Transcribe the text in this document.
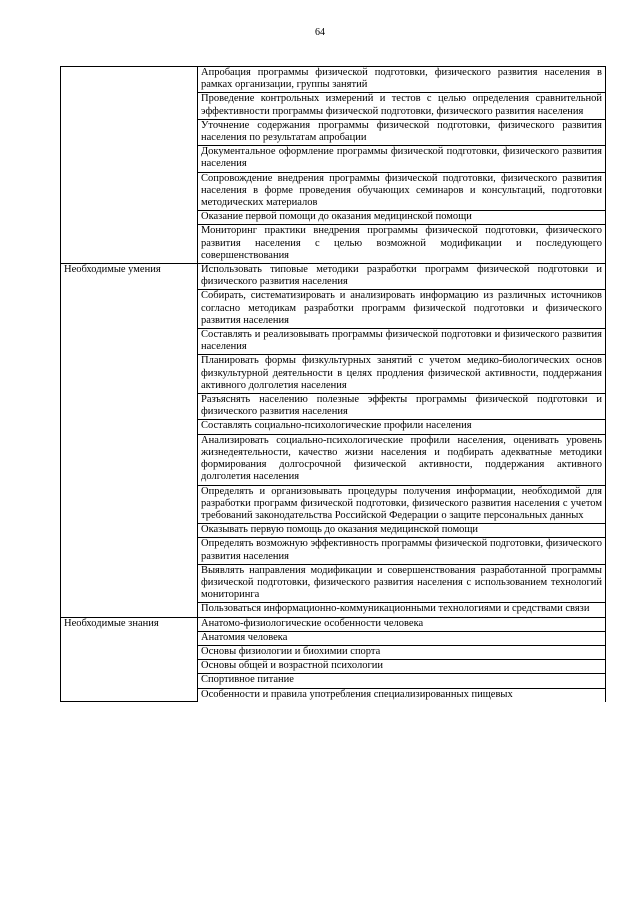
64
	Апробация программы физической подготовки, физического развития населения в рамках организации, группы занятий
	Проведение контрольных измерений и тестов с целью определения сравнительной эффективности программы физической подготовки, физического развития населения
	Уточнение содержания программы физической подготовки, физического развития населения по результатам апробации
	Документальное оформление программы физической подготовки, физического развития населения
	Сопровождение внедрения программы физической подготовки, физического развития населения в форме проведения обучающих семинаров и консультаций, подготовки методических материалов
	Оказание первой помощи до оказания медицинской помощи
	Мониторинг практики внедрения программы физической подготовки, физического развития населения с целью возможной модификации и последующего совершенствования
Необходимые умения	Использовать типовые методики разработки программ физической подготовки и физического развития населения
	Собирать, систематизировать и анализировать информацию из различных источников согласно методикам разработки программ физической подготовки и физического развития населения
	Составлять и реализовывать программы физической подготовки и физического развития населения
	Планировать формы физкультурных занятий с учетом медико-биологических основ физкультурной деятельности в целях продления физической активности, поддержания активного долголетия населения
	Разъяснять населению полезные эффекты программы физической подготовки и физического развития населения
	Составлять социально-психологические профили населения
	Анализировать социально-психологические профили населения, оценивать уровень жизнедеятельности, качество жизни населения и подбирать адекватные методики формирования долгосрочной физической активности, поддержания активного долголетия населения
	Определять и организовывать процедуры получения информации, необходимой для разработки программ физической подготовки, физического развития населения с учетом требований законодательства Российской Федерации о защите персональных данных
	Оказывать первую помощь до оказания медицинской помощи
	Определять возможную эффективность программы физической подготовки, физического развития населения
	Выявлять направления модификации и совершенствования разработанной программы физической подготовки, физического развития населения с использованием технологий мониторинга
	Пользоваться информационно-коммуникационными технологиями и средствами связи
Необходимые знания	Анатомо-физиологические особенности человека
	Анатомия человека
	Основы физиологии и биохимии спорта
	Основы общей и возрастной психологии
	Спортивное питание
	Особенности и правила употребления специализированных пищевых
